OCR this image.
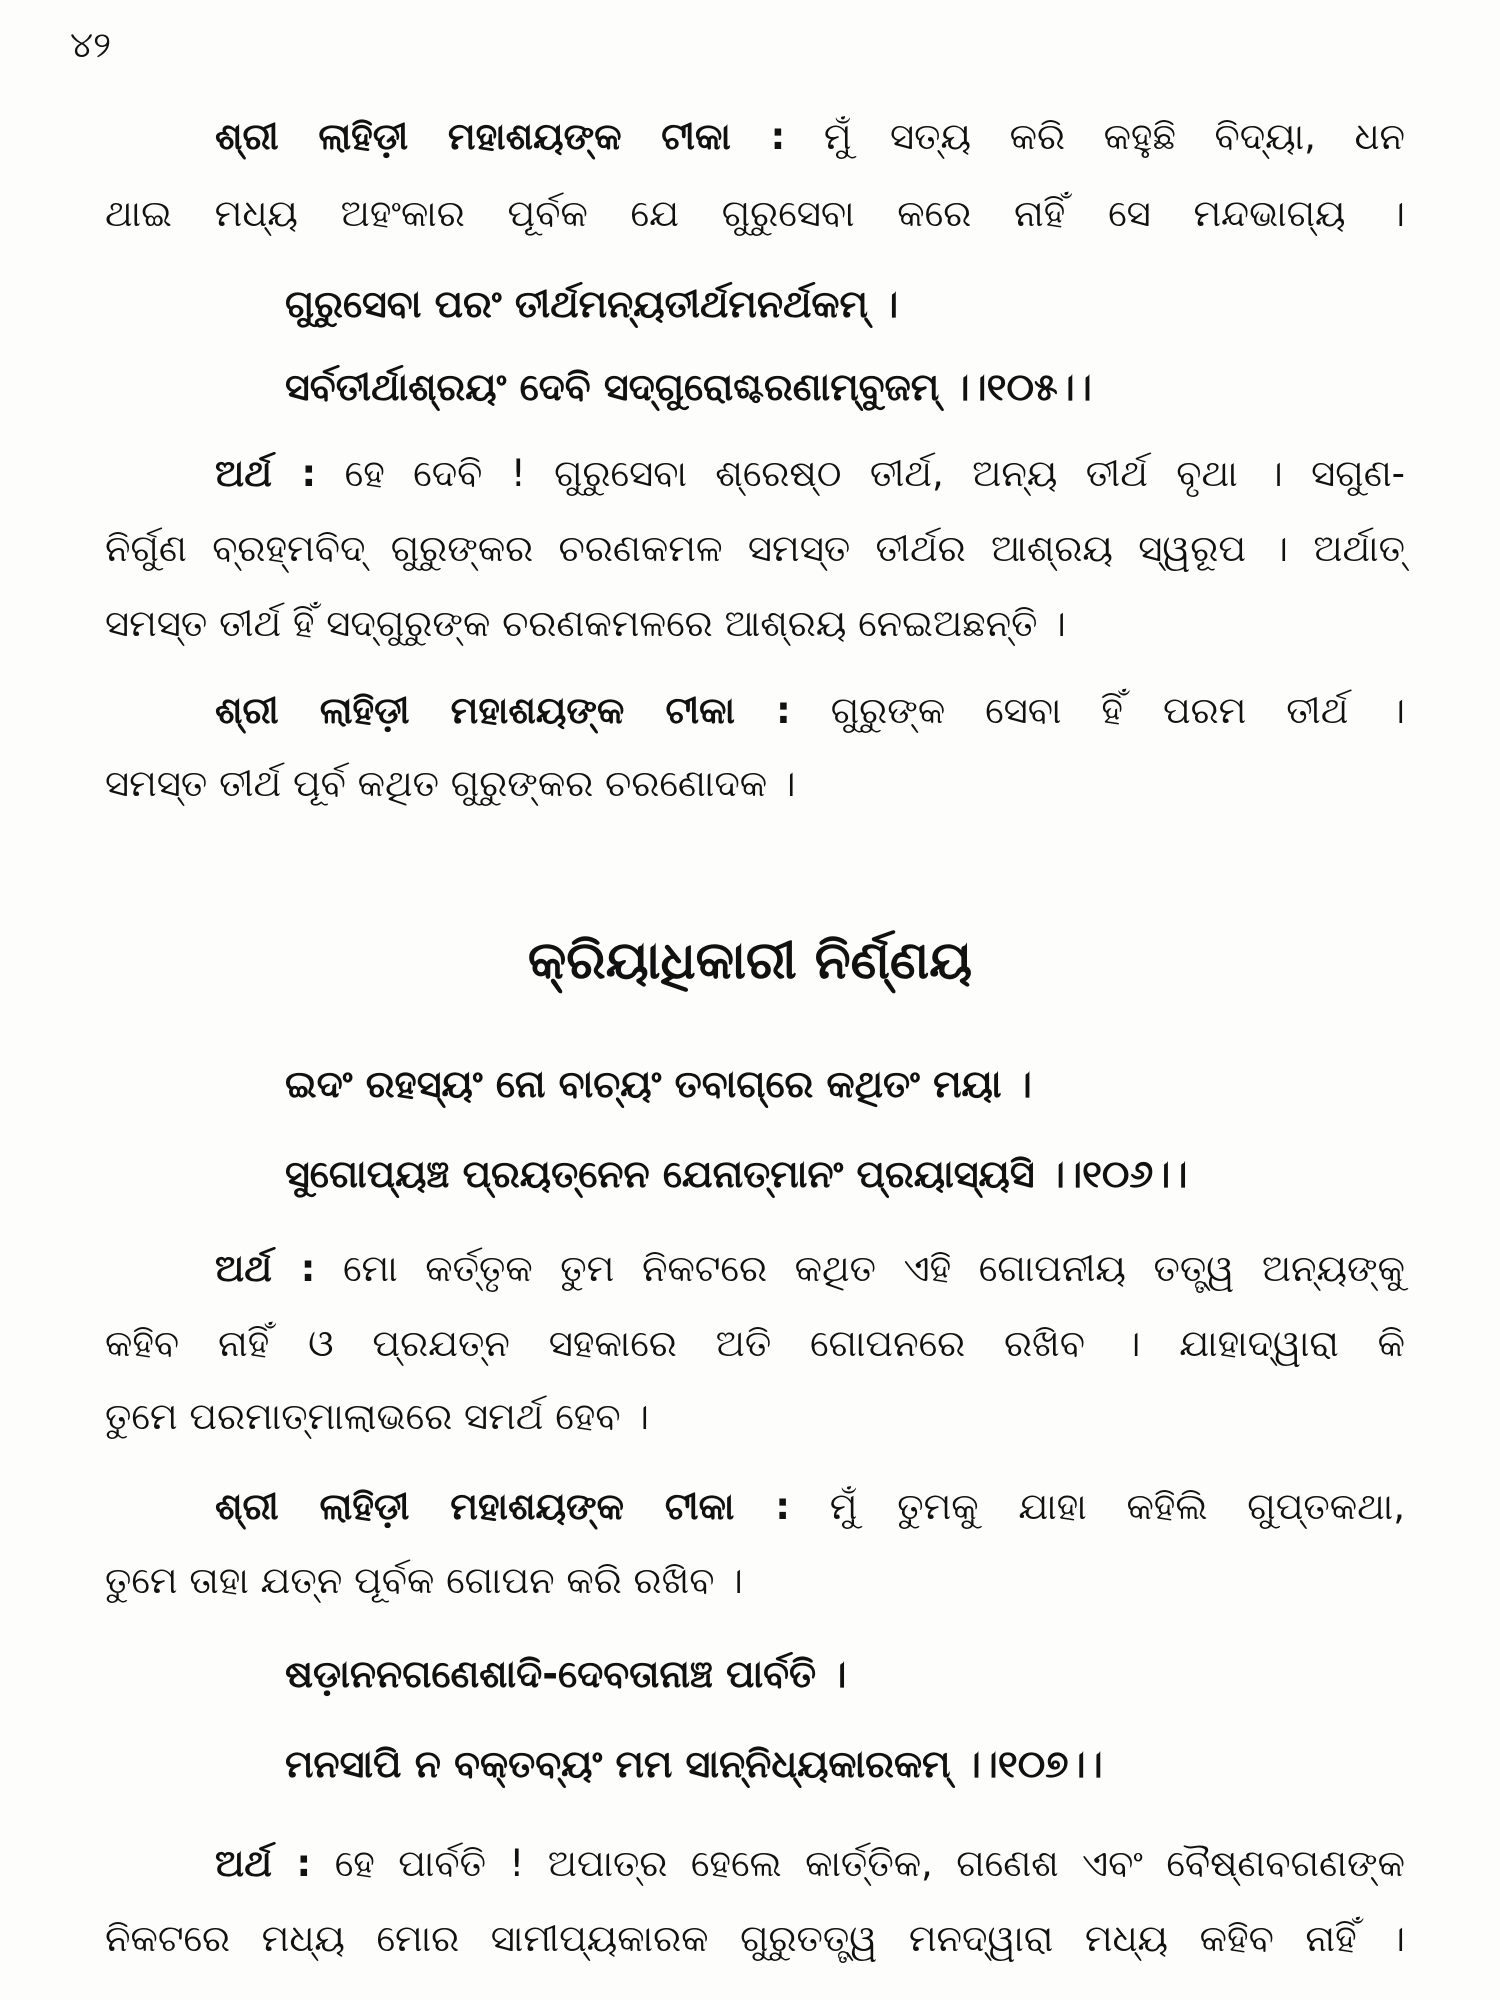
୪୨
ଶ୍ରୀ ଲାହିଡ଼ୀ ମହାଶୟଙ୍କ ଟୀକା : ମୁଁ ସତ୍ୟ କରି କହୁଛି ବିଦ୍ୟା, ଧନ
ଥାଇ ମଧ୍ୟ ଅହଂକାର ପୂର୍ବକ ଯେ ଗୁରୁସେବା କରେ ନାହିଁ ସେ ମନ୍ଦଭାଗ୍ୟ ।
ଗୁରୁସେବା ପରଂ ତୀର୍ଥମନ୍ୟତୀର୍ଥମନର୍ଥକମ୍ ।
ସର୍ବତୀର୍ଥାଶ୍ରୟଂ ଦେବି ସଦ୍‌ଗୁରୋଶ୍ଚରଣାମ୍ବୁଜମ୍ ।।୧୦୫।।
ଅର୍ଥ : ହେ ଦେବି ! ଗୁରୁସେବା ଶ୍ରେଷ୍ଠ ତୀର୍ଥ, ଅନ୍ୟ ତୀର୍ଥ ବୃଥା । ସଗୁଣ-
ନିର୍ଗୁଣ ବ୍ରହ୍ମବିଦ୍ ଗୁରୁଙ୍କର ଚରଣକମଳ ସମସ୍ତ ତୀର୍ଥର ଆଶ୍ରୟ ସ୍ୱରୂପ । ଅର୍ଥାତ୍
ସମସ୍ତ ତୀର୍ଥ ହିଁ ସଦ୍‌ଗୁରୁଙ୍କ ଚରଣକମଳରେ ଆଶ୍ରୟ ନେଇଅଛନ୍ତି ।
ଶ୍ରୀ ଲାହିଡ଼ୀ ମହାଶୟଙ୍କ ଟୀକା : ଗୁରୁଙ୍କ ସେବା ହିଁ ପରମ ତୀର୍ଥ ।
ସମସ୍ତ ତୀର୍ଥ ପୂର୍ବ କଥିତ ଗୁରୁଙ୍କର ଚରଣୋଦକ ।
କ୍ରିୟାଧିକାରୀ ନିର୍ଣ୍ଣୟ
ଇଦଂ ରହସ୍ୟଂ ନୋ ବାଚ୍ୟଂ ତବାଗ୍ରେ କଥିତଂ ମୟା ।
ସୁଗୋପ୍ୟଞ୍ଚ ପ୍ରୟତ୍ନେନ ଯେନାତ୍ମାନଂ ପ୍ରୟାସ୍ୟସି ।।୧୦୬।।
ଅର୍ଥ : ମୋ କର୍ତ୍ତୃକ ତୁମ ନିକଟରେ କଥିତ ଏହି ଗୋପନୀୟ ତତ୍ତ୍ୱ ଅନ୍ୟଙ୍କୁ
କହିବ ନାହିଁ ଓ ପ୍ରଯତ୍ନ ସହକାରେ ଅତି ଗୋପନରେ ରଖିବ । ଯାହାଦ୍ୱାରା କି
ତୁମେ ପରମାତ୍ମାଲାଭରେ ସମର୍ଥ ହେବ ।
ଶ୍ରୀ ଲାହିଡ଼ୀ ମହାଶୟଙ୍କ ଟୀକା : ମୁଁ ତୁମକୁ ଯାହା କହିଲି ଗୁପ୍ତକଥା,
ତୁମେ ତାହା ଯତ୍ନ ପୂର୍ବକ ଗୋପନ କରି ରଖିବ ।
ଷଡ଼ାନନଗଣେଶାଦି-ଦେବତାନାଞ୍ଚ ପାର୍ବତି ।
ମନସାପି ନ ବକ୍ତବ୍ୟଂ ମମ ସାନ୍ନିଧ୍ୟକାରକମ୍ ।।୧୦୭।।
ଅର୍ଥ : ହେ ପାର୍ବତି ! ଅପାତ୍ର ହେଲେ କାର୍ତ୍ତିକ, ଗଣେଶ ଏବଂ ବୈଷ୍ଣବଗଣଙ୍କ
ନିକଟରେ ମଧ୍ୟ ମୋର ସାମୀପ୍ୟକାରକ ଗୁରୁତତ୍ତ୍ୱ ମନଦ୍ୱାରା ମଧ୍ୟ କହିବ ନାହିଁ ।
